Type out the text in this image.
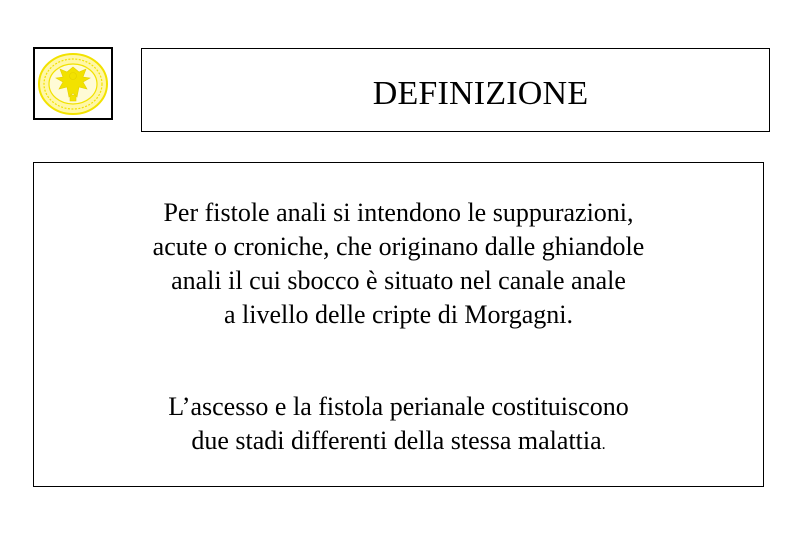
DEFINIZIONE
Per fistole anali si intendono le suppurazioni,
acute o croniche, che originano dalle ghiandole
anali il cui sbocco è situato nel canale anale
a livello delle cripte di Morgagni.
L’ascesso e la fistola perianale costituiscono
due stadi differenti della stessa malattia.
